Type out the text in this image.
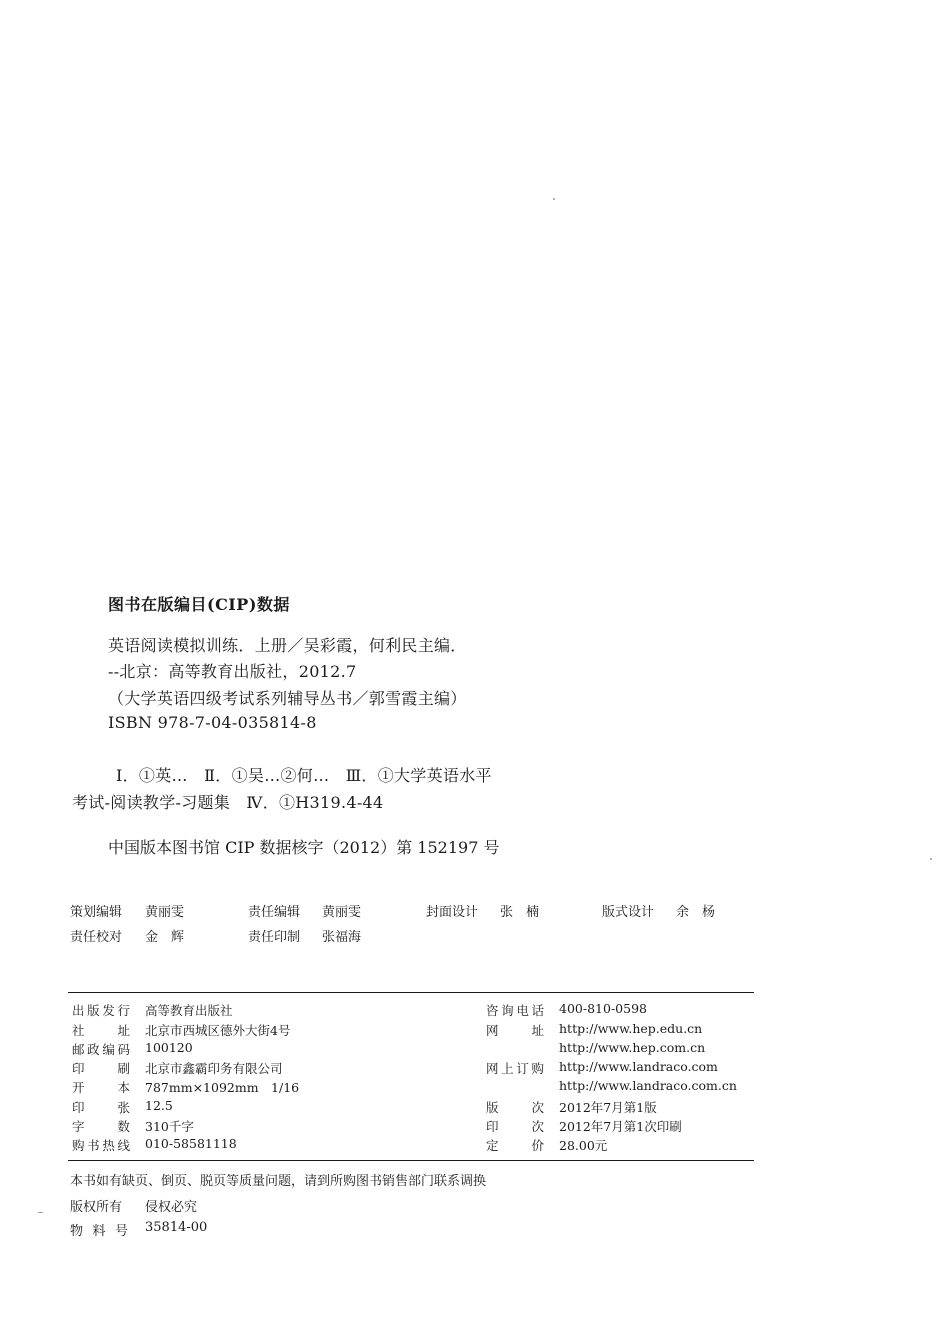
图书在版编目(CIP)数据
英语阅读模拟训练．上册／吴彩霞，何利民主编．
--北京：高等教育出版社，2012.7
（大学英语四级考试系列辅导丛书／郭雪霞主编）
ISBN 978-7-04-035814-8
Ⅰ．①英…　Ⅱ．①吴…②何…　Ⅲ．①大学英语水平
考试-阅读教学-习题集　Ⅳ．①H319.4-44
中国版本图书馆 CIP 数据核字（2012）第 152197 号
策划编辑 黄丽雯	责任编辑 黄丽雯	封面设计 张　楠	版式设计 余　杨
责任校对 金　辉	责任印制 张福海
出版发行 高等教育出版社	咨询电话 400-810-0598
社址 北京市西城区德外大街4号	网址 http://www.hep.edu.cn
邮政编码 100120	http://www.hep.com.cn
印刷 北京市鑫霸印务有限公司	网上订购 http://www.landraco.com
开本 787mm×1092mm　1/16	http://www.landraco.com.cn
印张 12.5	版次 2012年7月第1版
字数 310千字	印次 2012年7月第1次印刷
购书热线 010-58581118	定价 28.00元
本书如有缺页、倒页、脱页等质量问题，请到所购图书销售部门联系调换
版权所有 侵权必究
物料号 35814-00
